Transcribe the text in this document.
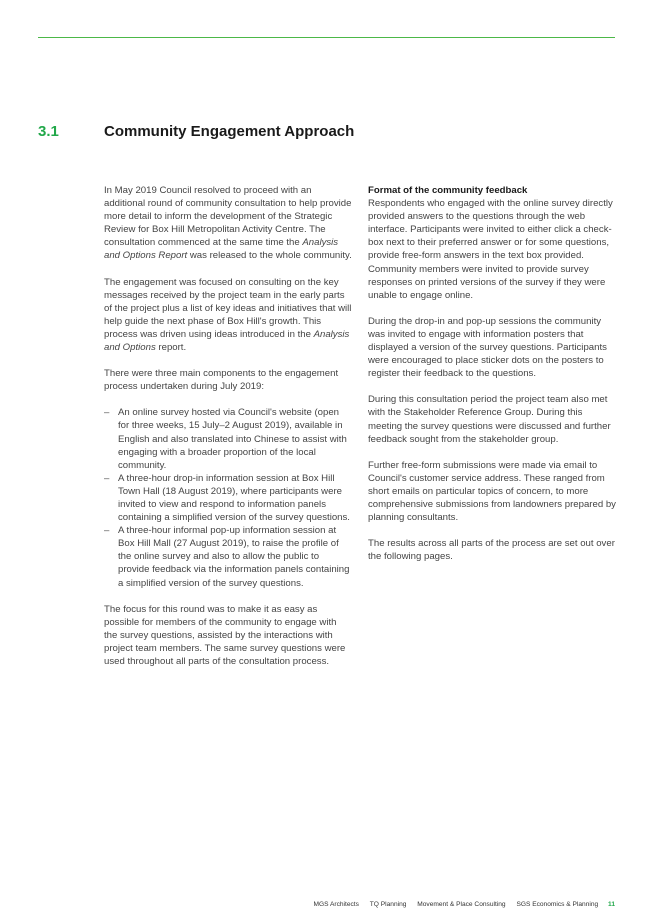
3.1	Community Engagement Approach

In May 2019 Council resolved to proceed with an additional round of community consultation to help provide more detail to inform the development of the Strategic Review for Box Hill Metropolitan Activity Centre. The consultation commenced at the same time the Analysis and Options Report was released to the whole community.

The engagement was focused on consulting on the key messages received by the project team in the early parts of the project plus a list of key ideas and initiatives that will help guide the next phase of Box Hill's growth. This process was driven using ideas introduced in the Analysis and Options report.

There were three main components to the engagement process undertaken during July 2019:

– An online survey hosted via Council's website (open for three weeks, 15 July–2 August 2019), available in English and also translated into Chinese to assist with engaging with a broader proportion of the local community.
– A three-hour drop-in information session at Box Hill Town Hall (18 August 2019), where participants were invited to view and respond to information panels containing a simplified version of the survey questions.
– A three-hour informal pop-up information session at Box Hill Mall (27 August 2019), to raise the profile of the online survey and also to allow the public to provide feedback via the information panels containing a simplified version of the survey questions.

The focus for this round was to make it as easy as possible for members of the community to engage with the survey questions, assisted by the interactions with project team members. The same survey questions were used throughout all parts of the consultation process.

Format of the community feedback

Respondents who engaged with the online survey directly provided answers to the questions through the web interface. Participants were invited to either click a check-box next to their preferred answer or for some questions, provide free-form answers in the text box provided. Community members were invited to provide survey responses on printed versions of the survey if they were unable to engage online.

During the drop-in and pop-up sessions the community was invited to engage with information posters that displayed a version of the survey questions. Participants were encouraged to place sticker dots on the posters to register their feedback to the questions.

During this consultation period the project team also met with the Stakeholder Reference Group. During this meeting the survey questions were discussed and further feedback sought from the stakeholder group.

Further free-form submissions were made via email to Council's customer service address. These ranged from short emails on particular topics of concern, to more comprehensive submissions from landowners prepared by planning consultants.

The results across all parts of the process are set out over the following pages.

MGS Architects TQ Planning Movement & Place Consulting SGS Economics & Planning 11
